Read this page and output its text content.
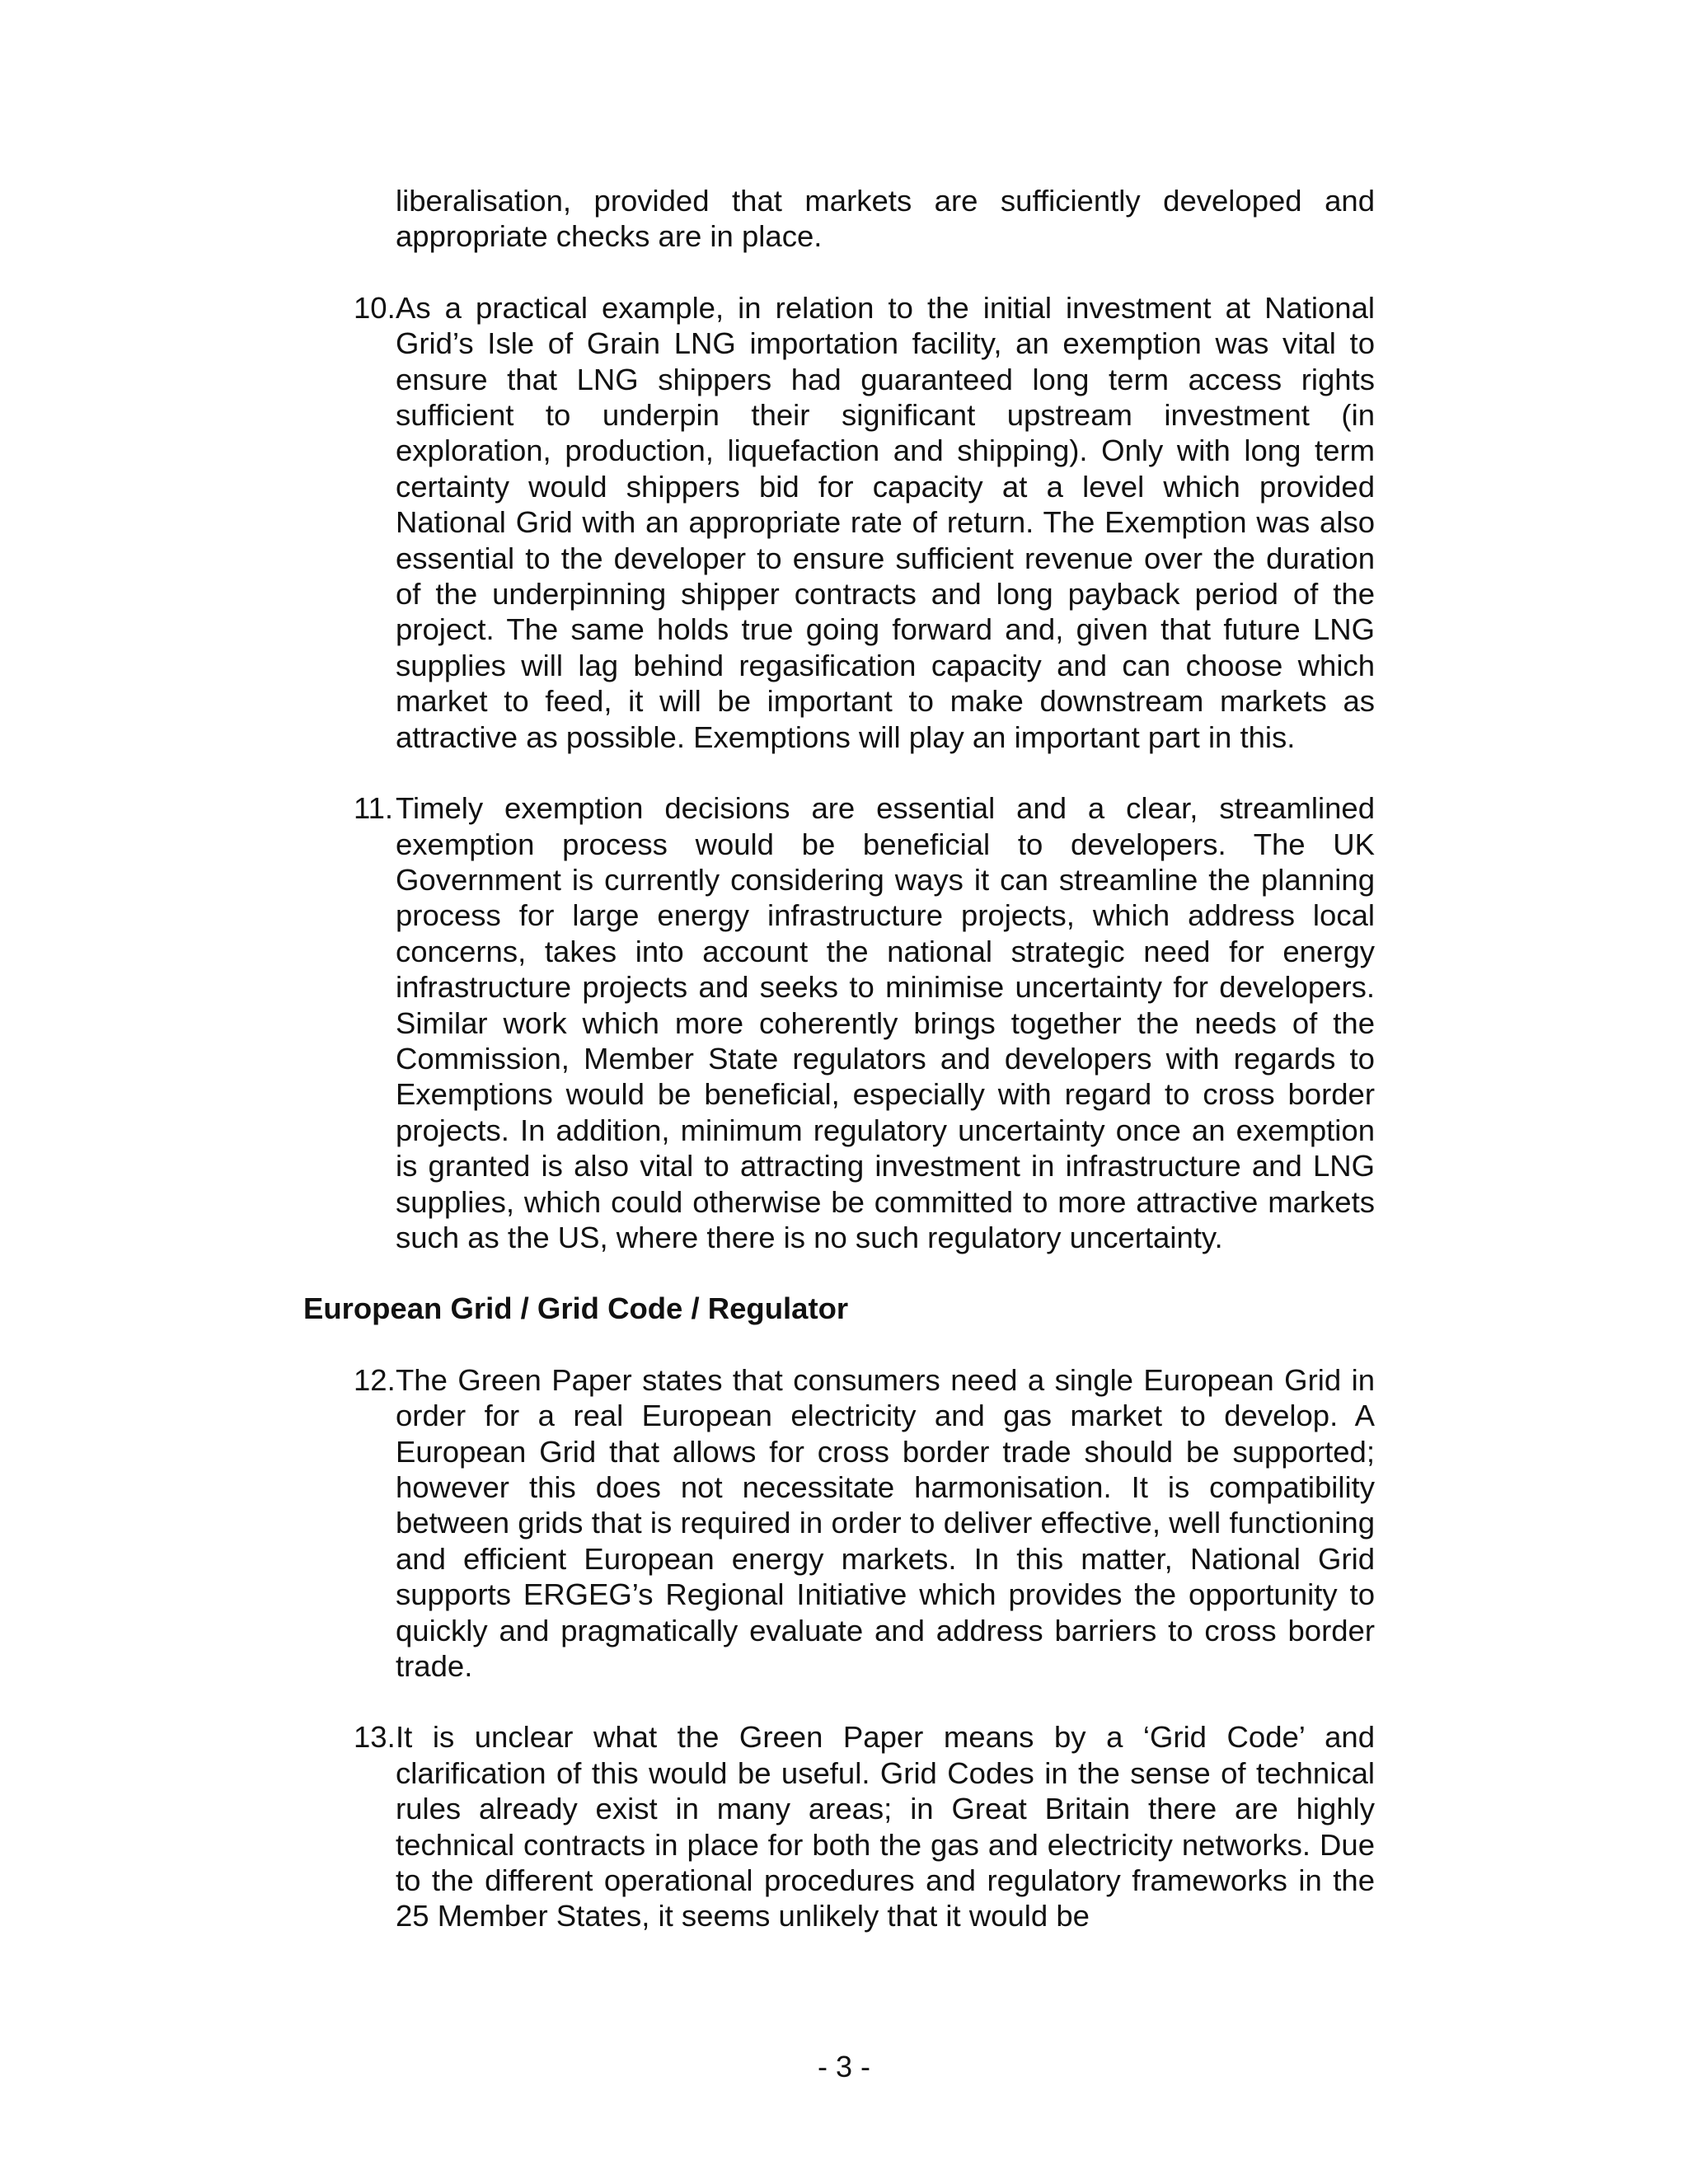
liberalisation, provided that markets are sufficiently developed and appropriate checks are in place.

10. As a practical example, in relation to the initial investment at National Grid’s Isle of Grain LNG importation facility, an exemption was vital to ensure that LNG shippers had guaranteed long term access rights sufficient to underpin their significant upstream investment (in exploration, production, liquefaction and shipping). Only with long term certainty would shippers bid for capacity at a level which provided National Grid with an appropriate rate of return. The Exemption was also essential to the developer to ensure sufficient revenue over the duration of the underpinning shipper contracts and long payback period of the project. The same holds true going forward and, given that future LNG supplies will lag behind regasification capacity and can choose which market to feed, it will be important to make downstream markets as attractive as possible. Exemptions will play an important part in this.

11. Timely exemption decisions are essential and a clear, streamlined exemption process would be beneficial to developers. The UK Government is currently considering ways it can streamline the planning process for large energy infrastructure projects, which address local concerns, takes into account the national strategic need for energy infrastructure projects and seeks to minimise uncertainty for developers. Similar work which more coherently brings together the needs of the Commission, Member State regulators and developers with regards to Exemptions would be beneficial, especially with regard to cross border projects. In addition, minimum regulatory uncertainty once an exemption is granted is also vital to attracting investment in infrastructure and LNG supplies, which could otherwise be committed to more attractive markets such as the US, where there is no such regulatory uncertainty.

European Grid / Grid Code / Regulator

12. The Green Paper states that consumers need a single European Grid in order for a real European electricity and gas market to develop. A European Grid that allows for cross border trade should be supported; however this does not necessitate harmonisation. It is compatibility between grids that is required in order to deliver effective, well functioning and efficient European energy markets. In this matter, National Grid supports ERGEG’s Regional Initiative which provides the opportunity to quickly and pragmatically evaluate and address barriers to cross border trade.

13. It is unclear what the Green Paper means by a ‘Grid Code’ and clarification of this would be useful. Grid Codes in the sense of technical rules already exist in many areas; in Great Britain there are highly technical contracts in place for both the gas and electricity networks. Due to the different operational procedures and regulatory frameworks in the 25 Member States, it seems unlikely that it would be

- 3 -
